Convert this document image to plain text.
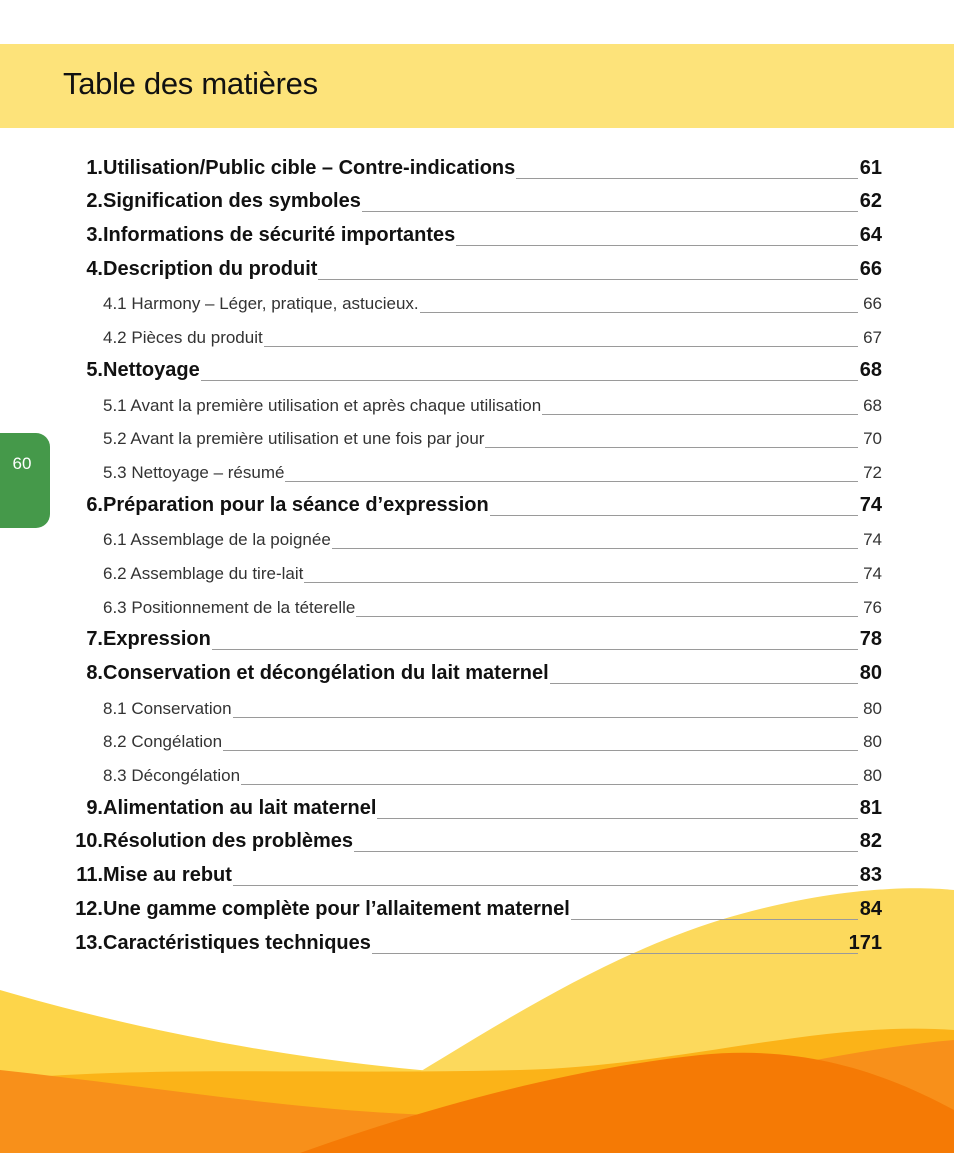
Table des matières
60
1. Utilisation/Public cible – Contre-indications	61
2. Signification des symboles	62
3. Informations de sécurité importantes	64
4. Description du produit	66
4.1 Harmony – Léger, pratique, astucieux.	66
4.2 Pièces du produit	67
5. Nettoyage	68
5.1 Avant la première utilisation et après chaque utilisation	68
5.2 Avant la première utilisation et une fois par jour	70
5.3 Nettoyage – résumé	72
6. Préparation pour la séance d’expression	74
6.1 Assemblage de la poignée	74
6.2 Assemblage du tire-lait	74
6.3 Positionnement de la téterelle	76
7. Expression	78
8. Conservation et décongélation du lait maternel	80
8.1 Conservation	80
8.2 Congélation	80
8.3 Décongélation	80
9. Alimentation au lait maternel	81
10. Résolution des problèmes	82
11. Mise au rebut	83
12. Une gamme complète pour l’allaitement maternel	84
13. Caractéristiques techniques	171
